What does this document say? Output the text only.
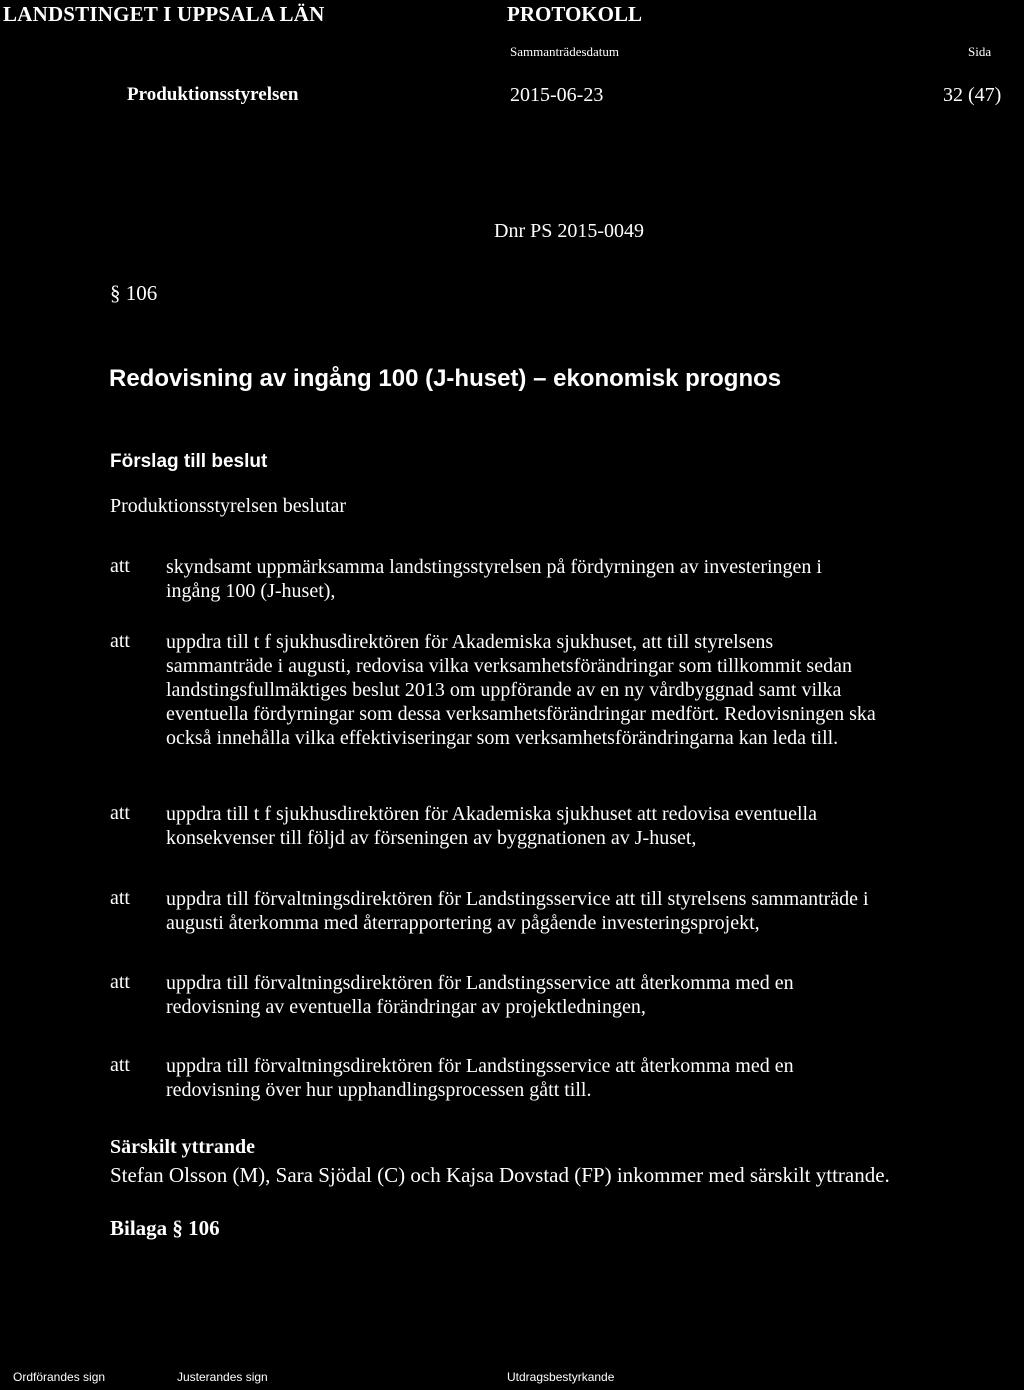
LANDSTINGET I UPPSALA LÄN	PROTOKOLL
Sammanträdesdatum	Sida
Produktionsstyrelsen	2015-06-23	32 (47)
Dnr PS 2015-0049
§ 106
Redovisning av ingång 100 (J-huset) – ekonomisk prognos
Förslag till beslut
Produktionsstyrelsen beslutar
att skyndsamt uppmärksamma landstingsstyrelsen på fördyrningen av investeringen i
ingång 100 (J-huset),
att uppdra till t f sjukhusdirektören för Akademiska sjukhuset, att till styrelsens
sammanträde i augusti, redovisa vilka verksamhetsförändringar som tillkommit sedan
landstingsfullmäktiges beslut 2013 om uppförande av en ny vårdbyggnad samt vilka
eventuella fördyrningar som dessa verksamhetsförändringar medfört. Redovisningen ska
också innehålla vilka effektiviseringar som verksamhetsförändringarna kan leda till.
att uppdra till t f sjukhusdirektören för Akademiska sjukhuset att redovisa eventuella
konsekvenser till följd av förseningen av byggnationen av J-huset,
att uppdra till förvaltningsdirektören för Landstingsservice att till styrelsens sammanträde i
augusti återkomma med återrapportering av pågående investeringsprojekt,
att uppdra till förvaltningsdirektören för Landstingsservice att återkomma med en
redovisning av eventuella förändringar av projektledningen,
att uppdra till förvaltningsdirektören för Landstingsservice att återkomma med en
redovisning över hur upphandlingsprocessen gått till.
Särskilt yttrande
Stefan Olsson (M), Sara Sjödal (C) och Kajsa Dovstad (FP) inkommer med särskilt yttrande.
Bilaga § 106
Ordförandes sign	Justerandes sign	Utdragsbestyrkande
